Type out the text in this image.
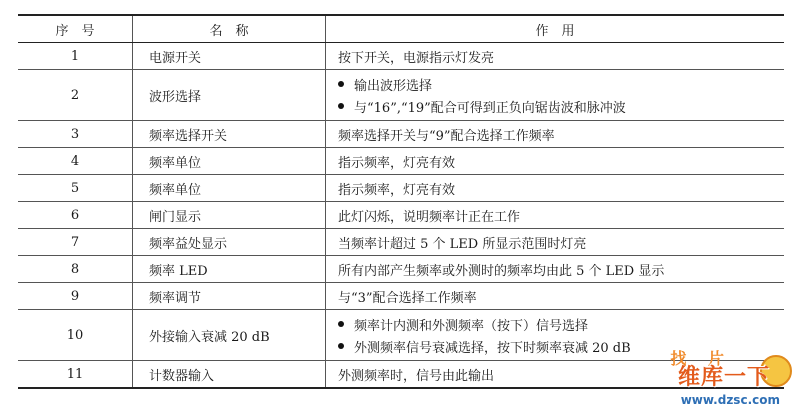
序　号	名　称	作　用
1	电源开关	按下开关，电源指示灯发亮
2	波形选择	输出波形选择
与“16”,“19”配合可得到正负向锯齿波和脉冲波

3	频率选择开关	频率选择开关与“9”配合选择工作频率
4	频率单位	指示频率，灯亮有效
5	频率单位	指示频率，灯亮有效
6	闸门显示	此灯闪烁，说明频率计正在工作
7	频率益处显示	当频率计超过 5 个 LED 所显示范围时灯亮
8	频率 LED	所有内部产生频率或外测时的频率均由此 5 个 LED 显示
9	频率调节	与“3”配合选择工作频率
10	外接输入衰减 20 dB	频率计内测和外测频率（按下）信号选择
外测频率信号衰减选择，按下时频率衰减 20 dB

11	计数器输入	外测频率时，信号由此输出
找 片
维库一下
www.dzsc.com
